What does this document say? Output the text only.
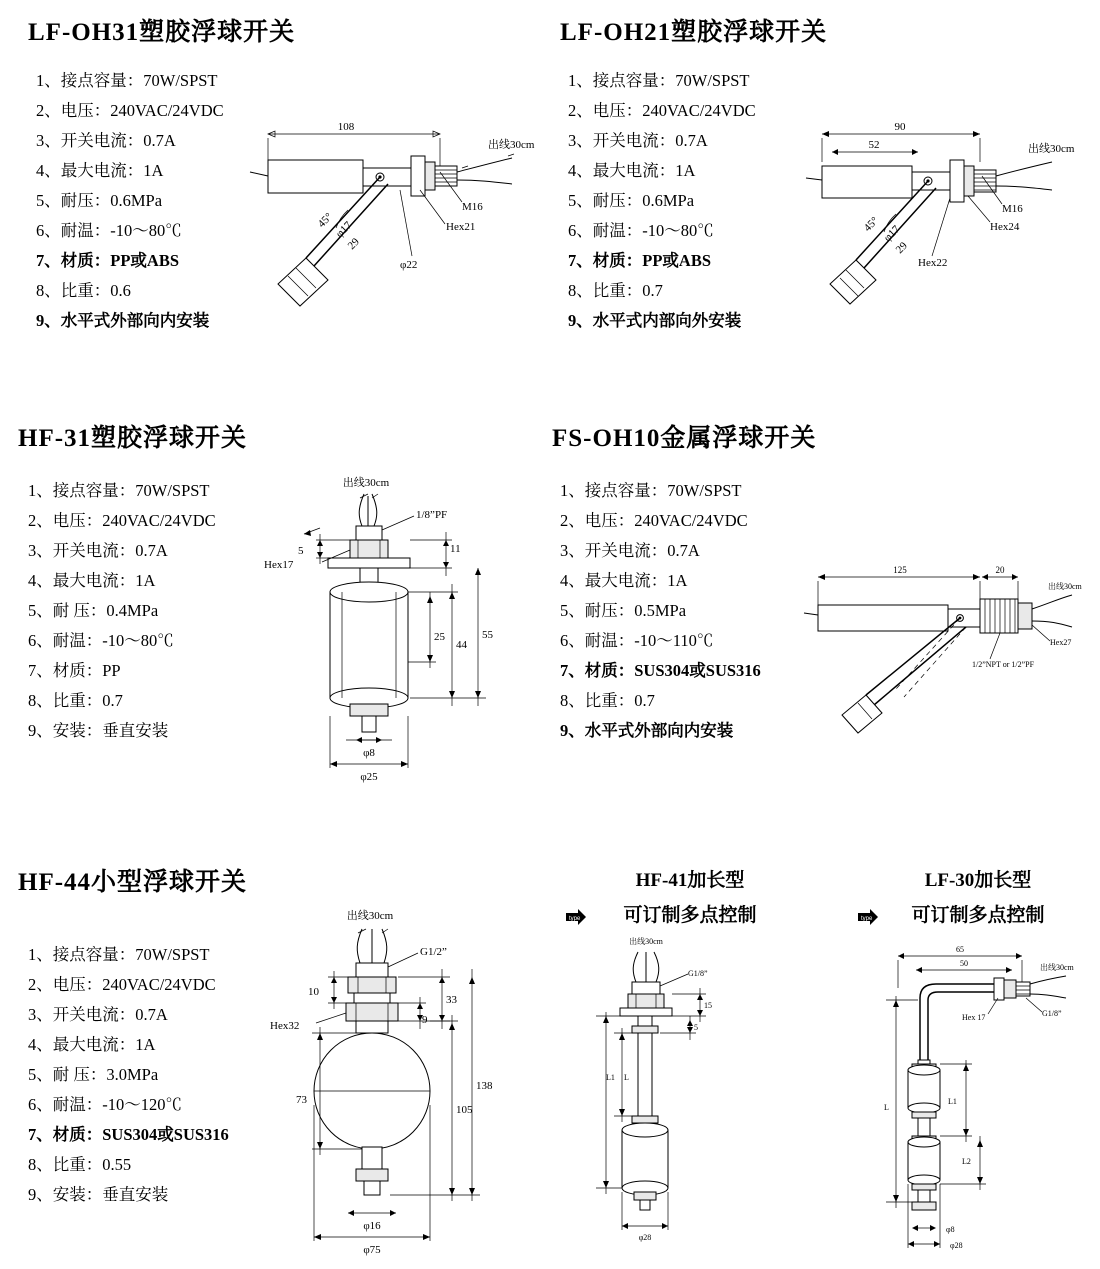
LF-OH31塑胶浮球开关
1、接点容量：70W/SPST
2、电压：240VAC/24VDC
3、开关电流：0.7A
4、最大电流：1A
5、耐压：0.6MPa
6、耐温：-10～80℃
7、材质：PP或ABS
8、比重：0.6
9、水平式外部向内安装
108
出线30cm
45°
φ17
29
M16
Hex21
φ22
LF-OH21塑胶浮球开关
1、接点容量：70W/SPST
2、电压：240VAC/24VDC
3、开关电流：0.7A
4、最大电流：1A
5、耐压：0.6MPa
6、耐温：-10～80℃
7、材质：PP或ABS
8、比重：0.7
9、水平式内部向外安装
90
52	出线30cm
45° φ17
29
M16
Hex24
Hex22
HF-31塑胶浮球开关
1、接点容量：70W/SPST
2、电压：240VAC/24VDC
3、开关电流：0.7A
4、最大电流：1A
5、耐 压：0.4MPa
6、耐温：-10～80℃
7、材质：PP
8、比重：0.7
9、安装：垂直安装
出线30cm
1/8”PF
Hex17
5	11
55
44
25
φ8
φ25
FS-OH10金属浮球开关
1、接点容量：70W/SPST
2、电压：240VAC/24VDC
3、开关电流：0.7A
4、最大电流：1A
5、耐压：0.5MPa
6、耐温：-10～110℃
7、材质：SUS304或SUS316
8、比重：0.7
9、水平式外部向内安装
125	20
出线30cm
Hex27
1/2”NPT or 1/2”PF
HF-44小型浮球开关
1、接点容量：70W/SPST
2、电压：240VAC/24VDC
3、开关电流：0.7A
4、最大电流：1A
5、耐 压：3.0MPa
6、耐温：-10～120℃
7、材质：SUS304或SUS316
8、比重：0.55
9、安装：垂直安装
出线30cm
G1/2”
Hex32
10
33
9
138
105
73
φ16
φ75
HF-41加长型
可订制多点控制
type
出线30cm
G1/8”
15
5
L1 L
φ28
LF-30加长型
可订制多点控制
type
65
50	出线30cm
G1/8”
Hex 17
L1
L2
L
φ8
φ28
